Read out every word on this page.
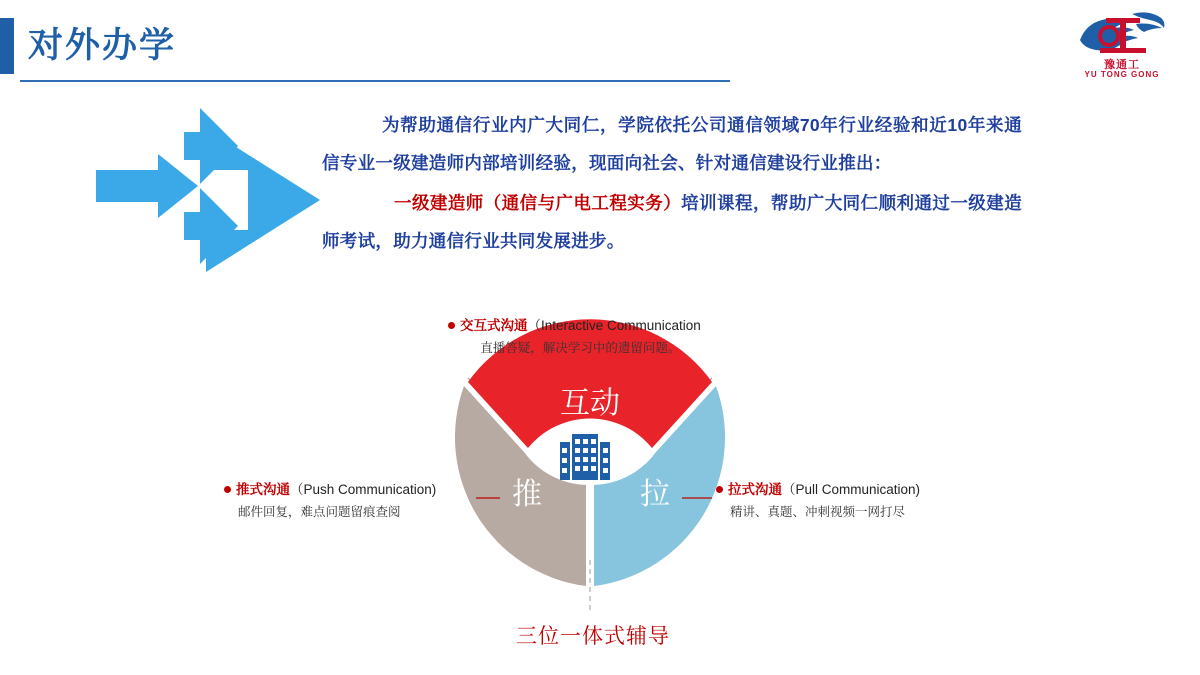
对外办学	豫通工
YU TONG GONG

为帮助通信行业内广大同仁，学院依托公司通信领域70年行业经验和近10年来通信专业一级建造师内部培训经验，现面向社会、针对通信建设行业推出：

一级建造师（通信与广电工程实务）培训课程，帮助广大同仁顺利通过一级建造师考试，助力通信行业共同发展进步。

互动
推	拉
交互式沟通（Interactive Communication
直播答疑，解决学习中的遗留问题。
推式沟通（Push Communication)
邮件回复，难点问题留痕查阅
拉式沟通（Pull Communication)
精讲、真题、冲刺视频一网打尽
三位一体式辅导
